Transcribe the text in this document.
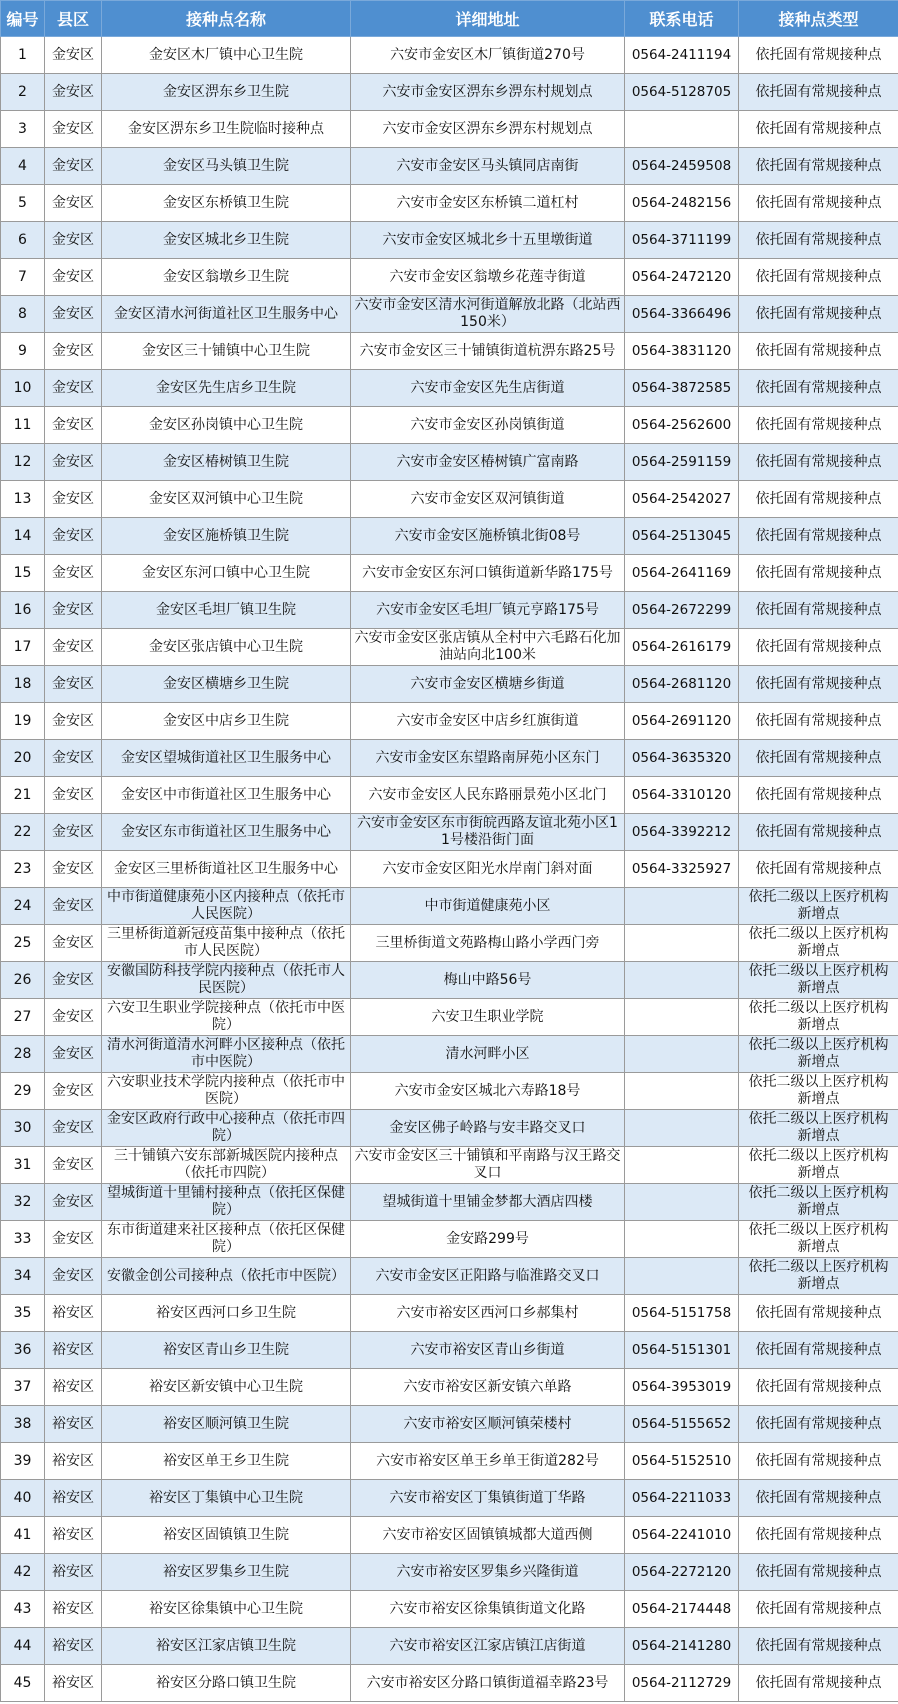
编号	县区	接种点名称	详细地址	联系电话	接种点类型
1	金安区	金安区木厂镇中心卫生院	六安市金安区木厂镇街道270号	0564-2411194	依托固有常规接种点
2	金安区	金安区淠东乡卫生院	六安市金安区淠东乡淠东村规划点	0564-5128705	依托固有常规接种点
3	金安区	金安区淠东乡卫生院临时接种点	六安市金安区淠东乡淠东村规划点		依托固有常规接种点
4	金安区	金安区马头镇卫生院	六安市金安区马头镇同店南街	0564-2459508	依托固有常规接种点
5	金安区	金安区东桥镇卫生院	六安市金安区东桥镇二道杠村	0564-2482156	依托固有常规接种点
6	金安区	金安区城北乡卫生院	六安市金安区城北乡十五里墩街道	0564-3711199	依托固有常规接种点
7	金安区	金安区翁墩乡卫生院	六安市金安区翁墩乡花莲寺街道	0564-2472120	依托固有常规接种点
8	金安区	金安区清水河街道社区卫生服务中心	六安市金安区清水河街道解放北路（北站西150米）	0564-3366496	依托固有常规接种点
9	金安区	金安区三十铺镇中心卫生院	六安市金安区三十铺镇街道杭淠东路25号	0564-3831120	依托固有常规接种点
10	金安区	金安区先生店乡卫生院	六安市金安区先生店街道	0564-3872585	依托固有常规接种点
11	金安区	金安区孙岗镇中心卫生院	六安市金安区孙岗镇街道	0564-2562600	依托固有常规接种点
12	金安区	金安区椿树镇卫生院	六安市金安区椿树镇广富南路	0564-2591159	依托固有常规接种点
13	金安区	金安区双河镇中心卫生院	六安市金安区双河镇街道	0564-2542027	依托固有常规接种点
14	金安区	金安区施桥镇卫生院	六安市金安区施桥镇北街08号	0564-2513045	依托固有常规接种点
15	金安区	金安区东河口镇中心卫生院	六安市金安区东河口镇街道新华路175号	0564-2641169	依托固有常规接种点
16	金安区	金安区毛坦厂镇卫生院	六安市金安区毛坦厂镇元亨路175号	0564-2672299	依托固有常规接种点
17	金安区	金安区张店镇中心卫生院	六安市金安区张店镇从全村中六毛路石化加油站向北100米	0564-2616179	依托固有常规接种点
18	金安区	金安区横塘乡卫生院	六安市金安区横塘乡街道	0564-2681120	依托固有常规接种点
19	金安区	金安区中店乡卫生院	六安市金安区中店乡红旗街道	0564-2691120	依托固有常规接种点
20	金安区	金安区望城街道社区卫生服务中心	六安市金安区东望路南屏苑小区东门	0564-3635320	依托固有常规接种点
21	金安区	金安区中市街道社区卫生服务中心	六安市金安区人民东路丽景苑小区北门	0564-3310120	依托固有常规接种点
22	金安区	金安区东市街道社区卫生服务中心	六安市金安区东市街皖西路友谊北苑小区11号楼沿街门面	0564-3392212	依托固有常规接种点
23	金安区	金安区三里桥街道社区卫生服务中心	六安市金安区阳光水岸南门斜对面	0564-3325927	依托固有常规接种点
24	金安区	中市街道健康苑小区内接种点（依托市人民医院）	中市街道健康苑小区		依托二级以上医疗机构新增点
25	金安区	三里桥街道新冠疫苗集中接种点（依托市人民医院）	三里桥街道文苑路梅山路小学西门旁		依托二级以上医疗机构新增点
26	金安区	安徽国防科技学院内接种点（依托市人民医院）	梅山中路56号		依托二级以上医疗机构新增点
27	金安区	六安卫生职业学院接种点（依托市中医院）	六安卫生职业学院		依托二级以上医疗机构新增点
28	金安区	清水河街道清水河畔小区接种点（依托市中医院）	清水河畔小区		依托二级以上医疗机构新增点
29	金安区	六安职业技术学院内接种点（依托市中医院）	六安市金安区城北六寿路18号		依托二级以上医疗机构新增点
30	金安区	金安区政府行政中心接种点（依托市四院）	金安区佛子岭路与安丰路交叉口		依托二级以上医疗机构新增点
31	金安区	三十铺镇六安东部新城医院内接种点（依托市四院）	六安市金安区三十铺镇和平南路与汉王路交叉口		依托二级以上医疗机构新增点
32	金安区	望城街道十里铺村接种点（依托区保健院）	望城街道十里铺金梦都大酒店四楼		依托二级以上医疗机构新增点
33	金安区	东市街道建来社区接种点（依托区保健院）	金安路299号		依托二级以上医疗机构新增点
34	金安区	安徽金创公司接种点（依托市中医院）	六安市金安区正阳路与临淮路交叉口		依托二级以上医疗机构新增点
35	裕安区	裕安区西河口乡卫生院	六安市裕安区西河口乡郝集村	0564-5151758	依托固有常规接种点
36	裕安区	裕安区青山乡卫生院	六安市裕安区青山乡街道	0564-5151301	依托固有常规接种点
37	裕安区	裕安区新安镇中心卫生院	六安市裕安区新安镇六单路	0564-3953019	依托固有常规接种点
38	裕安区	裕安区顺河镇卫生院	六安市裕安区顺河镇荣楼村	0564-5155652	依托固有常规接种点
39	裕安区	裕安区单王乡卫生院	六安市裕安区单王乡单王街道282号	0564-5152510	依托固有常规接种点
40	裕安区	裕安区丁集镇中心卫生院	六安市裕安区丁集镇街道丁华路	0564-2211033	依托固有常规接种点
41	裕安区	裕安区固镇镇卫生院	六安市裕安区固镇镇城都大道西侧	0564-2241010	依托固有常规接种点
42	裕安区	裕安区罗集乡卫生院	六安市裕安区罗集乡兴隆街道	0564-2272120	依托固有常规接种点
43	裕安区	裕安区徐集镇中心卫生院	六安市裕安区徐集镇街道文化路	0564-2174448	依托固有常规接种点
44	裕安区	裕安区江家店镇卫生院	六安市裕安区江家店镇江店街道	0564-2141280	依托固有常规接种点
45	裕安区	裕安区分路口镇卫生院	六安市裕安区分路口镇街道福幸路23号	0564-2112729	依托固有常规接种点
